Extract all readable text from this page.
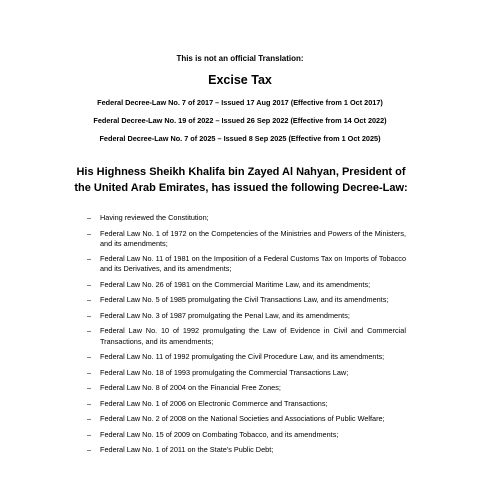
This is not an official Translation:
Excise Tax
Federal Decree-Law No. 7 of 2017 – Issued 17 Aug 2017 (Effective from 1 Oct 2017)
Federal Decree-Law No. 19 of 2022 – Issued 26 Sep 2022 (Effective from 14 Oct 2022)
Federal Decree-Law No. 7 of 2025 – Issued 8 Sep 2025 (Effective from 1 Oct 2025)
His Highness Sheikh Khalifa bin Zayed Al Nahyan, President of the United Arab Emirates, has issued the following Decree-Law:
– Having reviewed the Constitution;
– Federal Law No. 1 of 1972 on the Competencies of the Ministries and Powers of the Ministers, and its amendments;
– Federal Law No. 11 of 1981 on the Imposition of a Federal Customs Tax on Imports of Tobacco and its Derivatives, and its amendments;
– Federal Law No. 26 of 1981 on the Commercial Maritime Law, and its amendments;
– Federal Law No. 5 of 1985 promulgating the Civil Transactions Law, and its amendments;
– Federal Law No. 3 of 1987 promulgating the Penal Law, and its amendments;
– Federal Law No. 10 of 1992 promulgating the Law of Evidence in Civil and Commercial Transactions, and its amendments;
– Federal Law No. 11 of 1992 promulgating the Civil Procedure Law, and its amendments;
– Federal Law No. 18 of 1993 promulgating the Commercial Transactions Law;
– Federal Law No. 8 of 2004 on the Financial Free Zones;
– Federal Law No. 1 of 2006 on Electronic Commerce and Transactions;
– Federal Law No. 2 of 2008 on the National Societies and Associations of Public Welfare;
– Federal Law No. 15 of 2009 on Combating Tobacco, and its amendments;
– Federal Law No. 1 of 2011 on the State's Public Debt;
